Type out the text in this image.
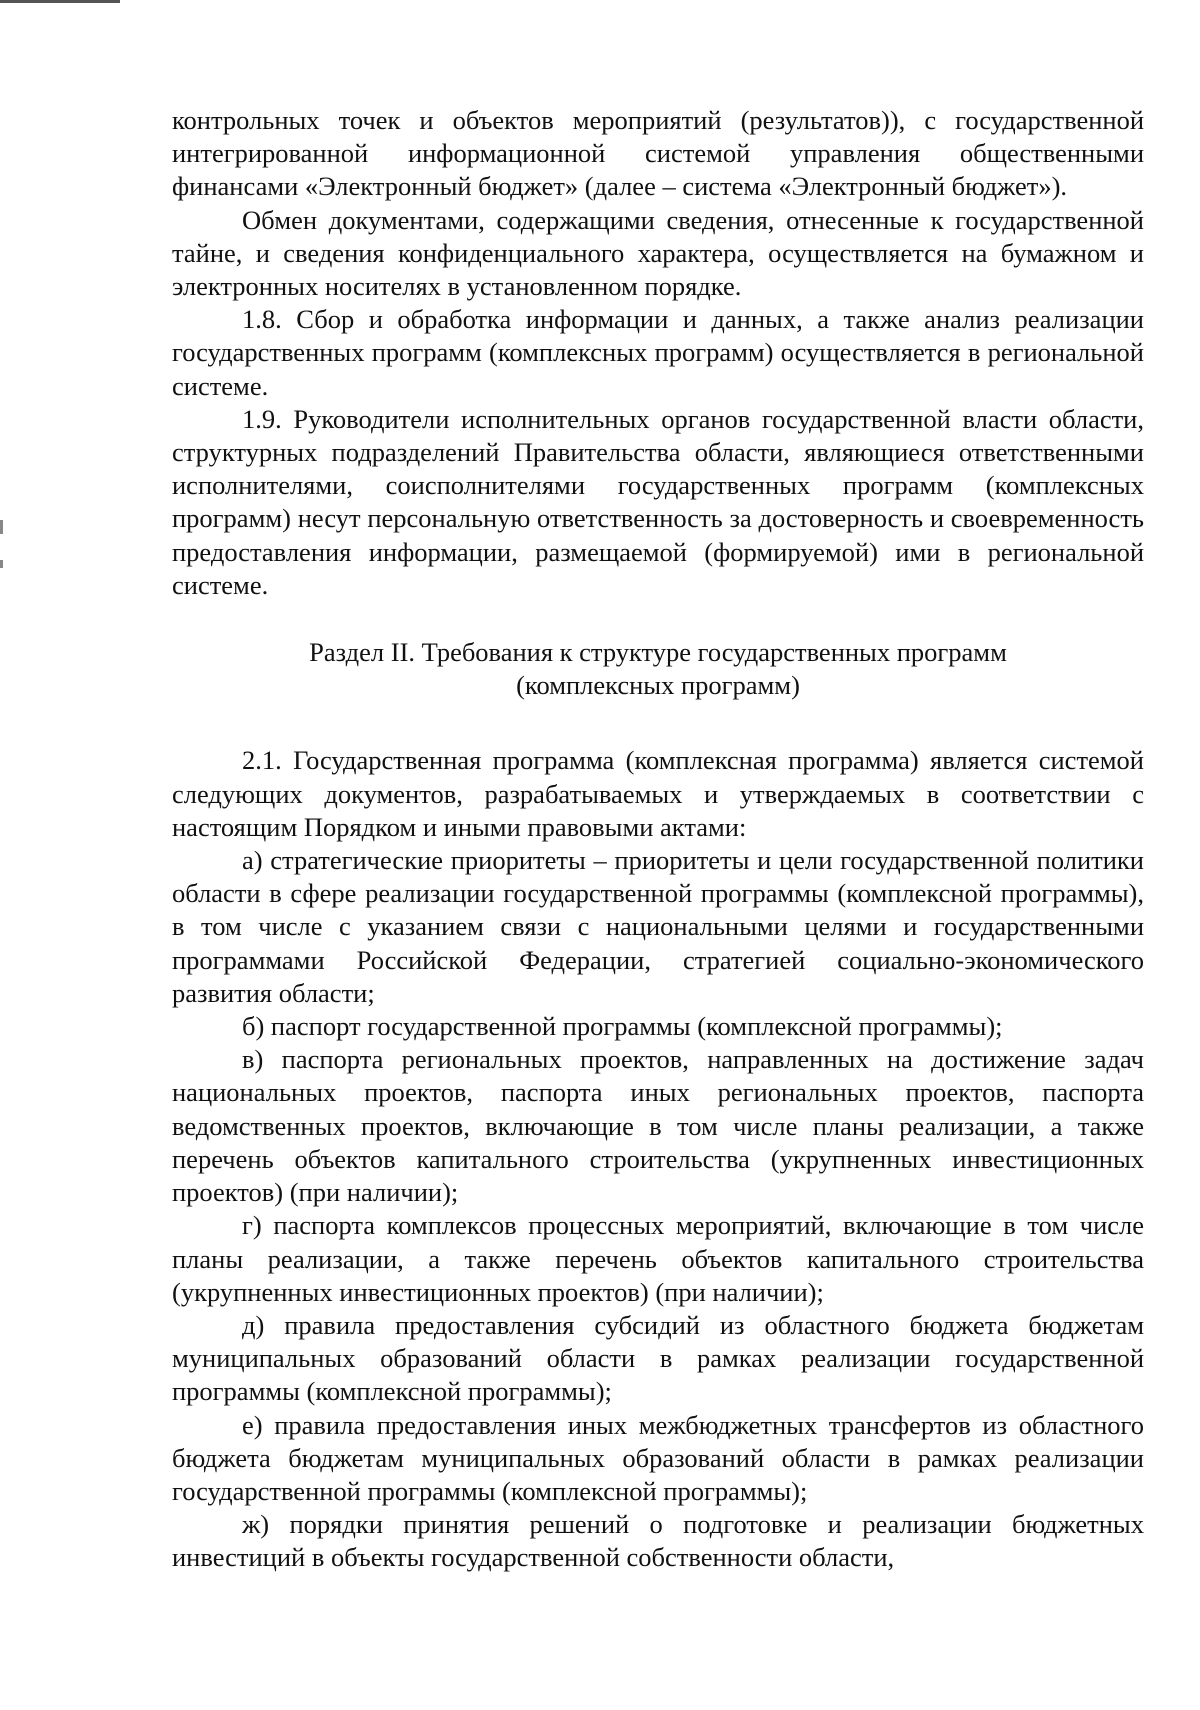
контрольных точек и объектов мероприятий (результатов)), с государственной интегрированной информационной системой управления общественными финансами «Электронный бюджет» (далее – система «Электронный бюджет»).

Обмен документами, содержащими сведения, отнесенные к государственной тайне, и сведения конфиденциального характера, осуществляется на бумажном и электронных носителях в установленном порядке.

1.8. Сбор и обработка информации и данных, а также анализ реализации государственных программ (комплексных программ) осуществляется в региональной системе.

1.9. Руководители исполнительных органов государственной власти области, структурных подразделений Правительства области, являющиеся ответственными исполнителями, соисполнителями государственных программ (комплексных программ) несут персональную ответственность за достоверность и своевременность предоставления информации, размещаемой (формируемой) ими в региональной системе.

Раздел II. Требования к структуре государственных программ
(комплексных программ)

2.1. Государственная программа (комплексная программа) является системой следующих документов, разрабатываемых и утверждаемых в соответствии с настоящим Порядком и иными правовыми актами:

а) стратегические приоритеты – приоритеты и цели государственной политики области в сфере реализации государственной программы (комплексной программы), в том числе с указанием связи с национальными целями и государственными программами Российской Федерации, стратегией социально-экономического развития области;

б) паспорт государственной программы (комплексной программы);

в) паспорта региональных проектов, направленных на достижение задач национальных проектов, паспорта иных региональных проектов, паспорта ведомственных проектов, включающие в том числе планы реализации, а также перечень объектов капитального строительства (укрупненных инвестиционных проектов) (при наличии);

г) паспорта комплексов процессных мероприятий, включающие в том числе планы реализации, а также перечень объектов капитального строительства (укрупненных инвестиционных проектов) (при наличии);

д) правила предоставления субсидий из областного бюджета бюджетам муниципальных образований области в рамках реализации государственной программы (комплексной программы);

е) правила предоставления иных межбюджетных трансфертов из областного бюджета бюджетам муниципальных образований области в рамках реализации государственной программы (комплексной программы);

ж) порядки принятия решений о подготовке и реализации бюджетных инвестиций в объекты государственной собственности области,
